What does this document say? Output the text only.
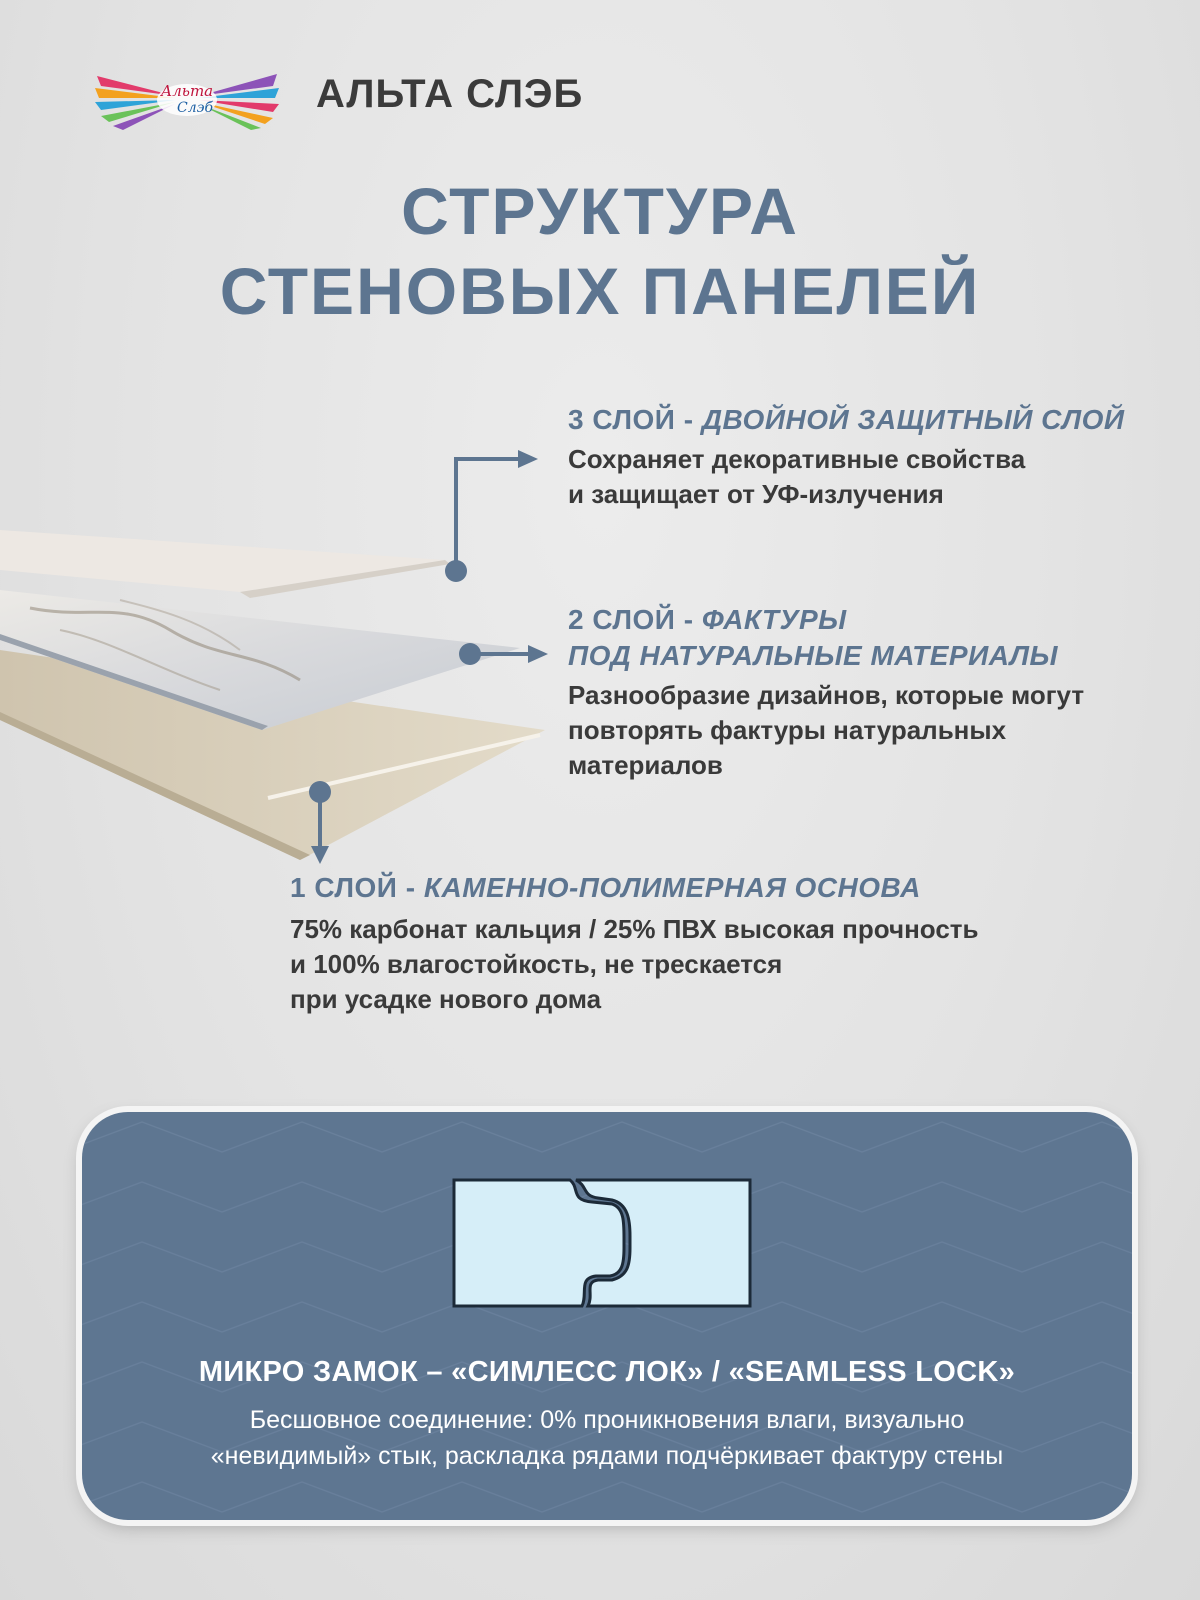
Альта
Слэб	АЛЬТА СЛЭБ
СТРУКТУРА
СТЕНОВЫХ ПАНЕЛЕЙ
3 СЛОЙ - ДВОЙНОЙ ЗАЩИТНЫЙ СЛОЙ
Сохраняет декоративные свойства
и защищает от УФ-излучения
2 СЛОЙ - ФАКТУРЫ
ПОД НАТУРАЛЬНЫЕ МАТЕРИАЛЫ
Разнообразие дизайнов, которые могут
повторять фактуры натуральных
материалов
1 СЛОЙ - КАМЕННО-ПОЛИМЕРНАЯ ОСНОВА
75% карбонат кальция / 25% ПВХ высокая прочность
и 100% влагостойкость, не трескается
при усадке нового дома
МИКРО ЗАМОК – «СИМЛЕСС ЛОК» / «SEAMLESS LOCK»
Бесшовное соединение: 0% проникновения влаги, визуально
«невидимый» стык, раскладка рядами подчёркивает фактуру стены
